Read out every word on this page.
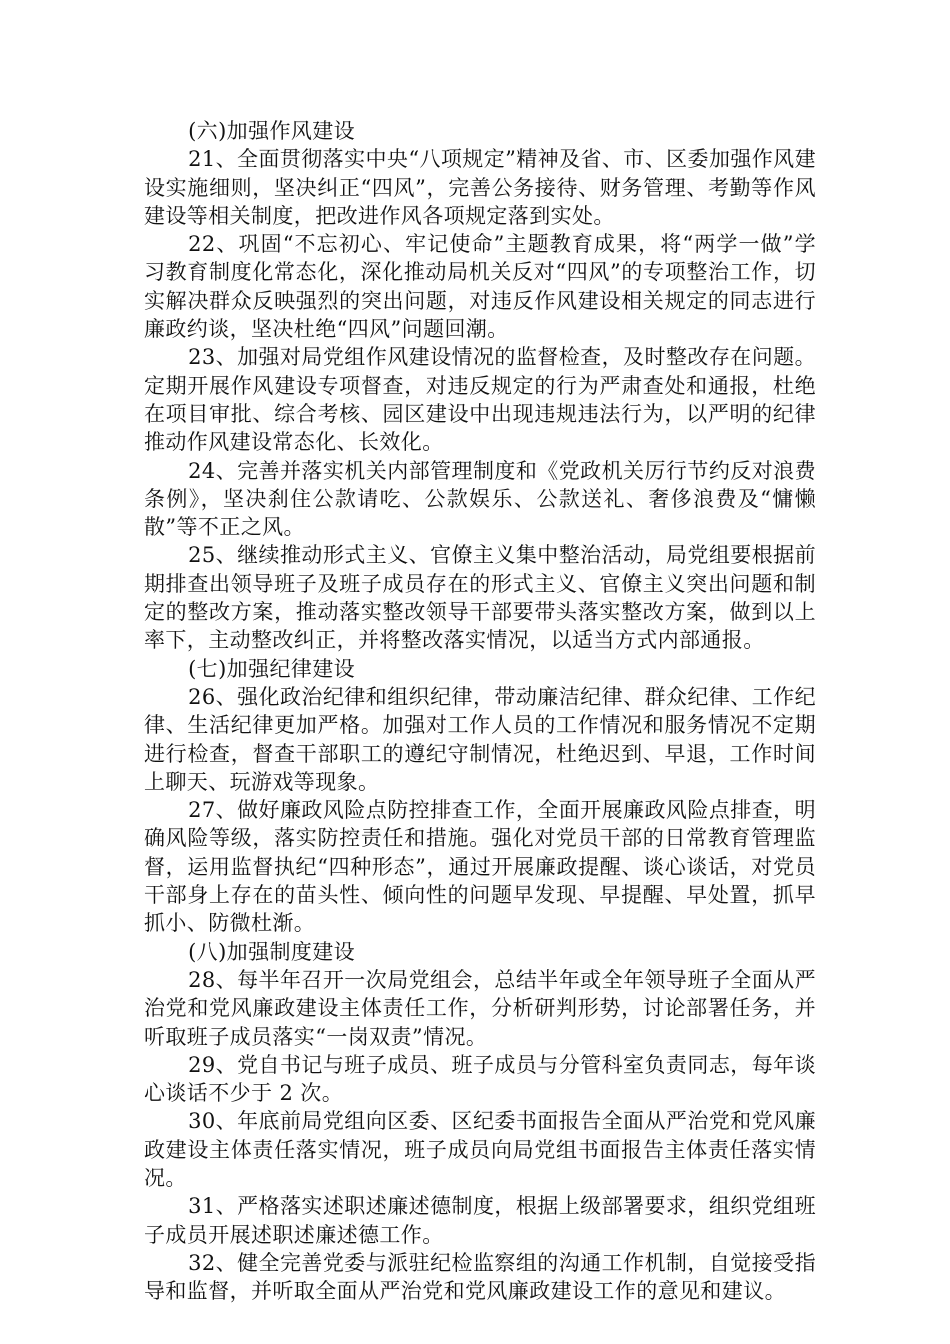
(六)加强作风建设

21、全面贯彻落实中央“八项规定”精神及省、市、区委加强作风建设实施细则，坚决纠正“四风”，完善公务接待、财务管理、考勤等作风建设等相关制度，把改进作风各项规定落到实处。

22、巩固“不忘初心、牢记使命”主题教育成果，将“两学一做”学习教育制度化常态化，深化推动局机关反对“四风”的专项整治工作，切实解决群众反映强烈的突出问题，对违反作风建设相关规定的同志进行廉政约谈，坚决杜绝“四风”问题回潮。

23、加强对局党组作风建设情况的监督检查，及时整改存在问题。定期开展作风建设专项督查，对违反规定的行为严肃查处和通报，杜绝在项目审批、综合考核、园区建设中出现违规违法行为，以严明的纪律推动作风建设常态化、长效化。

24、完善并落实机关内部管理制度和《党政机关厉行节约反对浪费条例》，坚决刹住公款请吃、公款娱乐、公款送礼、奢侈浪费及“慵懒散”等不正之风。

25、继续推动形式主义、官僚主义集中整治活动，局党组要根据前期排查出领导班子及班子成员存在的形式主义、官僚主义突出问题和制定的整改方案，推动落实整改领导干部要带头落实整改方案，做到以上率下，主动整改纠正，并将整改落实情况，以适当方式内部通报。

(七)加强纪律建设

26、强化政治纪律和组织纪律，带动廉洁纪律、群众纪律、工作纪律、生活纪律更加严格。加强对工作人员的工作情况和服务情况不定期进行检查，督查干部职工的遵纪守制情况，杜绝迟到、早退，工作时间上聊天、玩游戏等现象。

27、做好廉政风险点防控排查工作，全面开展廉政风险点排查，明确风险等级，落实防控责任和措施。强化对党员干部的日常教育管理监督，运用监督执纪“四种形态”，通过开展廉政提醒、谈心谈话，对党员干部身上存在的苗头性、倾向性的问题早发现、早提醒、早处置，抓早抓小、防微杜渐。

(八)加强制度建设

28、每半年召开一次局党组会，总结半年或全年领导班子全面从严治党和党风廉政建设主体责任工作，分析研判形势，讨论部署任务，并听取班子成员落实“一岗双责”情况。

29、党自书记与班子成员、班子成员与分管科室负责同志，每年谈心谈话不少于 2 次。

30、年底前局党组向区委、区纪委书面报告全面从严治党和党风廉政建设主体责任落实情况，班子成员向局党组书面报告主体责任落实情况。

31、严格落实述职述廉述德制度，根据上级部署要求，组织党组班子成员开展述职述廉述德工作。

32、健全完善党委与派驻纪检监察组的沟通工作机制，自觉接受指导和监督，并听取全面从严治党和党风廉政建设工作的意见和建议。
